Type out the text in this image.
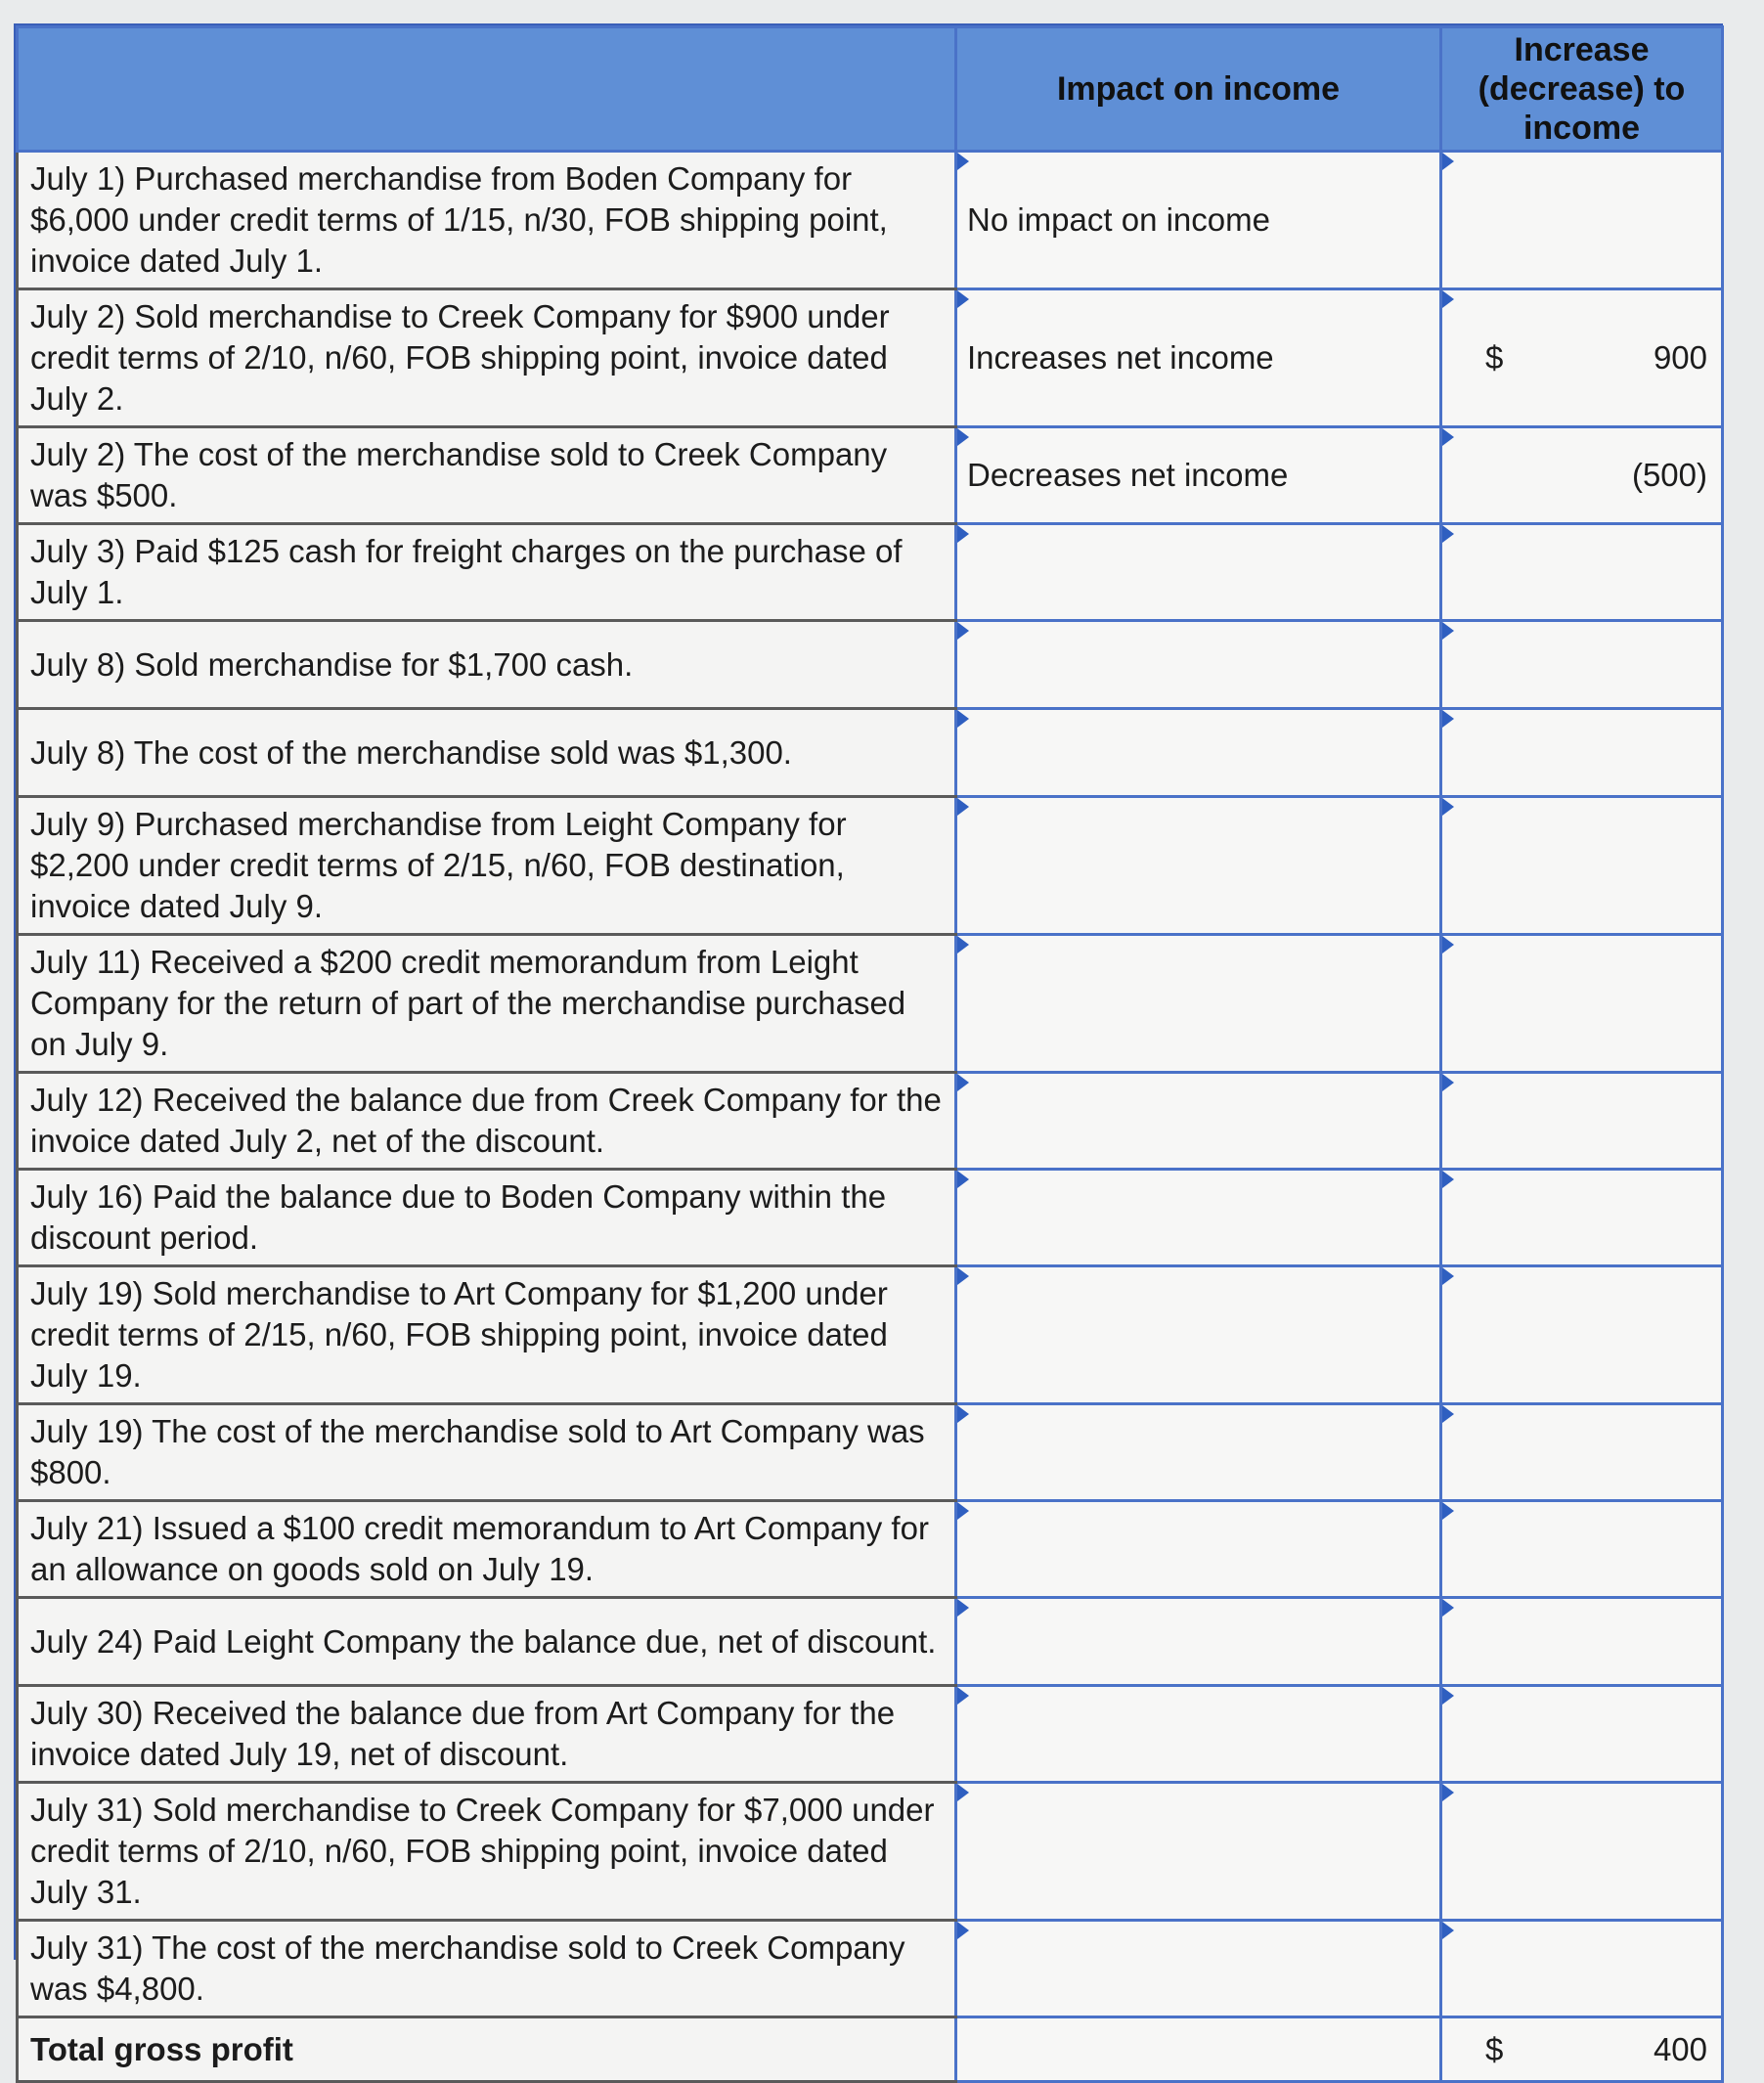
	Impact on income	Increase (decrease) to income
July 1) Purchased merchandise from Boden Company for $6,000 under credit terms of 1/15, n/30, FOB shipping point, invoice dated July 1.	No impact on income	

July 2) Sold merchandise to Creek Company for $900 under credit terms of 2/10, n/60, FOB shipping point, invoice dated July 2.	Increases net income	$ 900

July 2) The cost of the merchandise sold to Creek Company was $500.	Decreases net income	(500)

July 3) Paid $125 cash for freight charges on the purchase of July 1.	

July 8) Sold merchandise for $1,700 cash.	

July 8) The cost of the merchandise sold was $1,300.	

July 9) Purchased merchandise from Leight Company for $2,200 under credit terms of 2/15, n/60, FOB destination, invoice dated July 9.	

July 11) Received a $200 credit memorandum from Leight Company for the return of part of the merchandise purchased on July 9.	

July 12) Received the balance due from Creek Company for the invoice dated July 2, net of the discount.	

July 16) Paid the balance due to Boden Company within the discount period.	

July 19) Sold merchandise to Art Company for $1,200 under credit terms of 2/15, n/60, FOB shipping point, invoice dated July 19.	

July 19) The cost of the merchandise sold to Art Company was $800.	

July 21) Issued a $100 credit memorandum to Art Company for an allowance on goods sold on July 19.	

July 24) Paid Leight Company the balance due, net of discount.	

July 30) Received the balance due from Art Company for the invoice dated July 19, net of discount.	

July 31) Sold merchandise to Creek Company for $7,000 under credit terms of 2/10, n/60, FOB shipping point, invoice dated July 31.	

July 31) The cost of the merchandise sold to Creek Company was $4,800.	

Total gross profit		$ 400
